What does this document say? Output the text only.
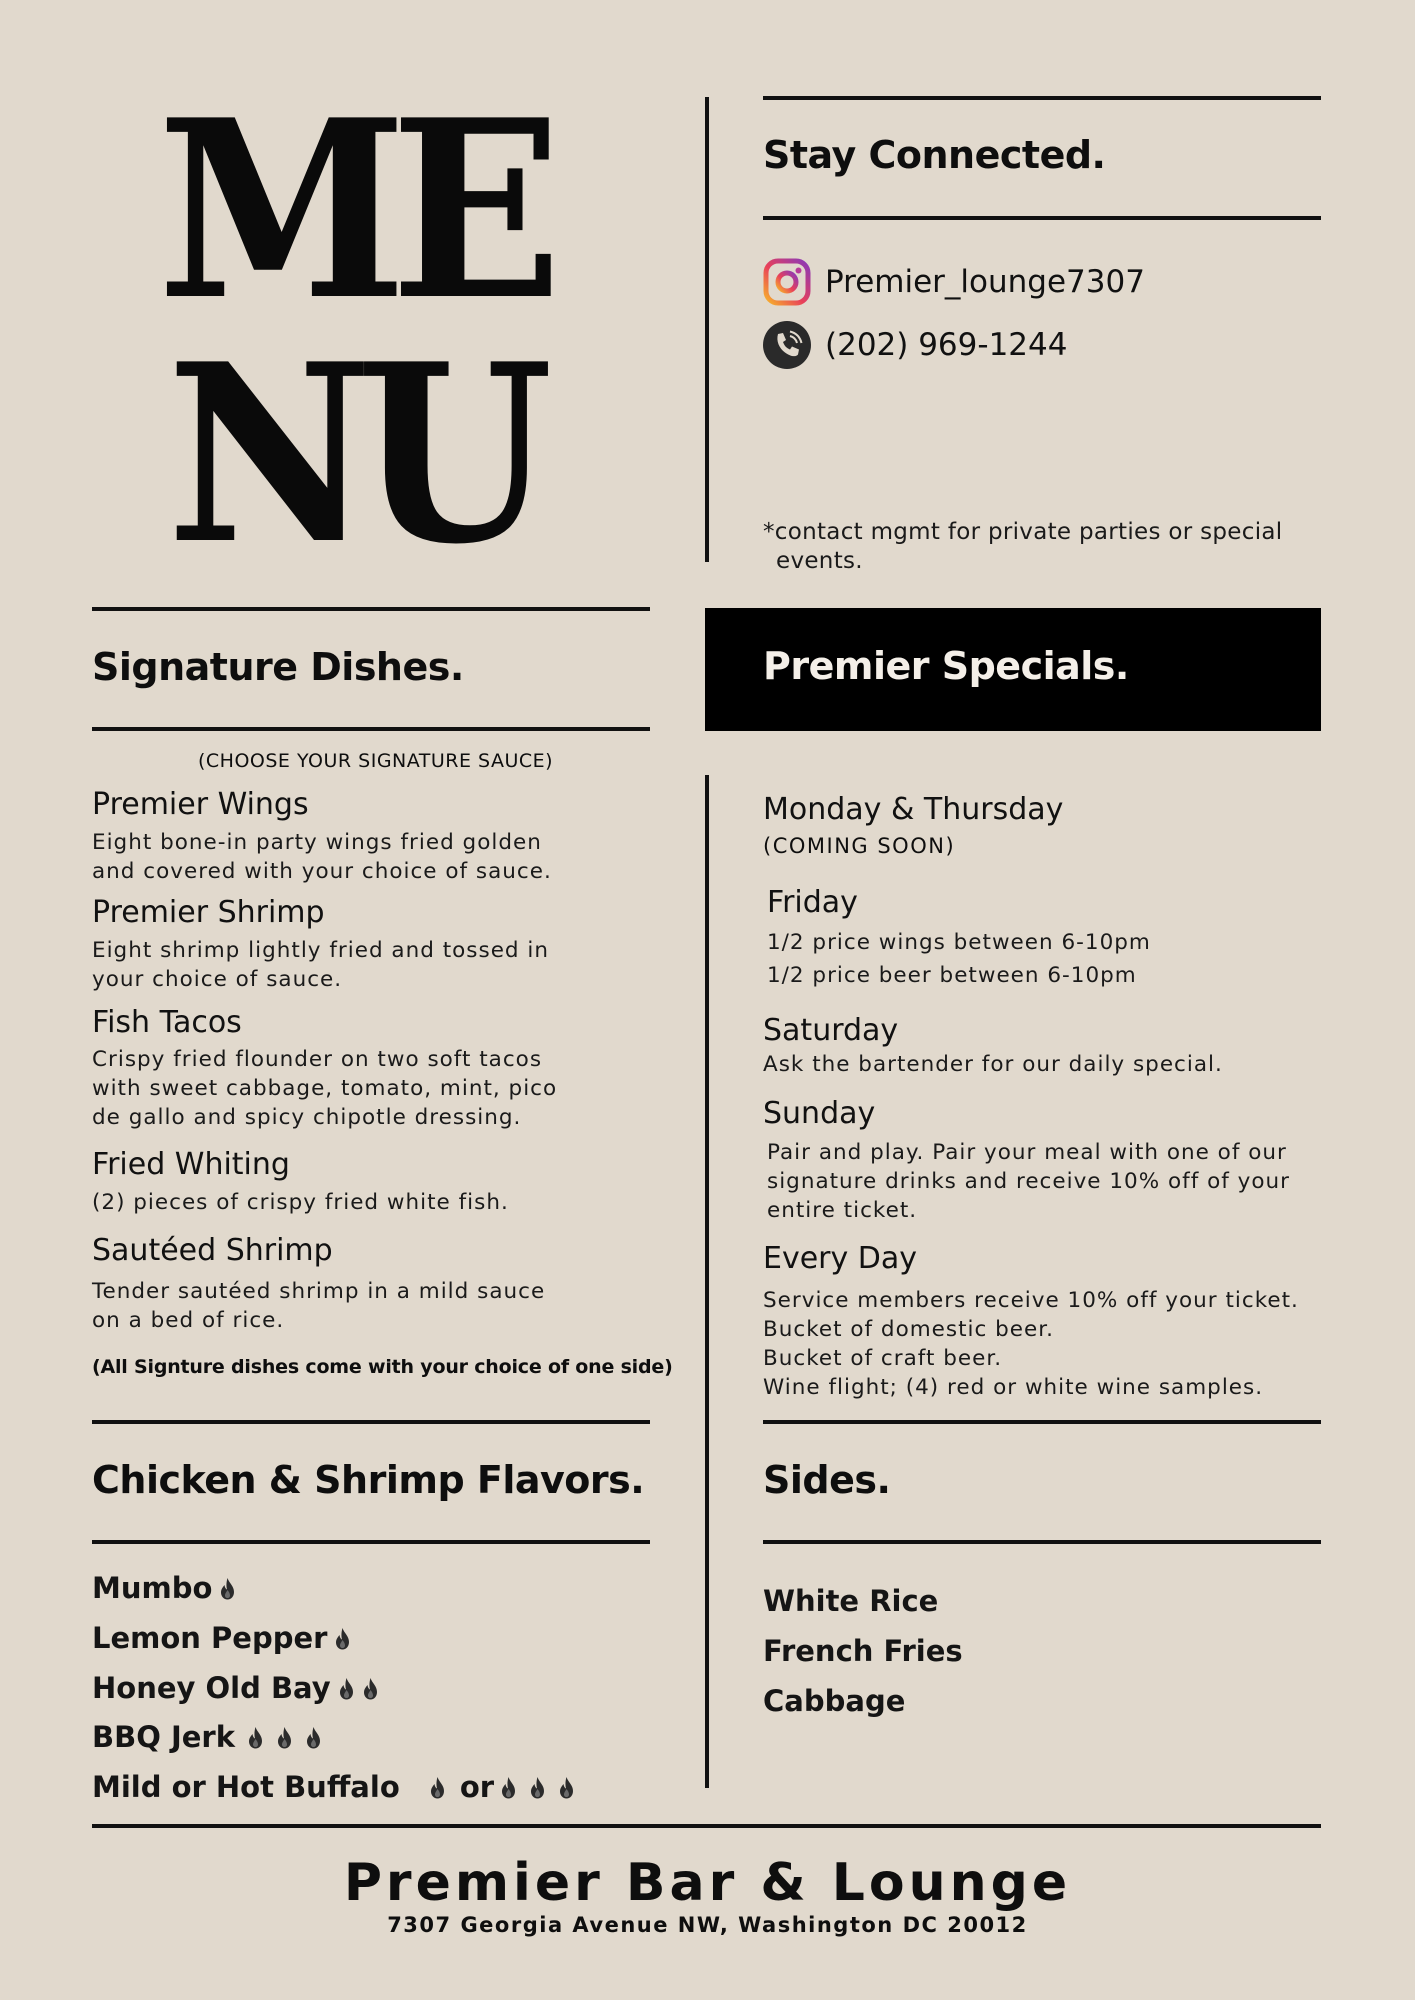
ME
NU
Stay Connected.
Premier_lounge7307
(202) 969-1244
*contact mgmt for private parties or special
events.
Signature Dishes.
(CHOOSE YOUR SIGNATURE SAUCE)
Premier Wings
Eight bone-in party wings fried golden
and covered with your choice of sauce.
Premier Shrimp
Eight shrimp lightly fried and tossed in
your choice of sauce.
Fish Tacos
Crispy fried flounder on two soft tacos
with sweet cabbage, tomato, mint, pico
de gallo and spicy chipotle dressing.
Fried Whiting
(2) pieces of crispy fried white fish.
Sautéed Shrimp
Tender sautéed shrimp in a mild sauce
on a bed of rice.
(All Signture dishes come with your choice of one side)
Premier Specials.
Monday & Thursday
(COMING SOON)
Friday
1/2 price wings between 6-10pm
1/2 price beer between 6-10pm
Saturday
Ask the bartender for our daily special.
Sunday
Pair and play. Pair your meal with one of our
signature drinks and receive 10% off of your
entire ticket.
Every Day
Service members receive 10% off your ticket.
Bucket of domestic beer.
Bucket of craft beer.
Wine flight; (4) red or white wine samples.
Chicken & Shrimp Flavors.
Mumbo
Lemon Pepper
Honey Old Bay
BBQ Jerk
Mild or Hot Buffalo or
Sides.
White Rice
French Fries
Cabbage
Premier Bar & Lounge
7307 Georgia Avenue NW, Washington DC 20012
